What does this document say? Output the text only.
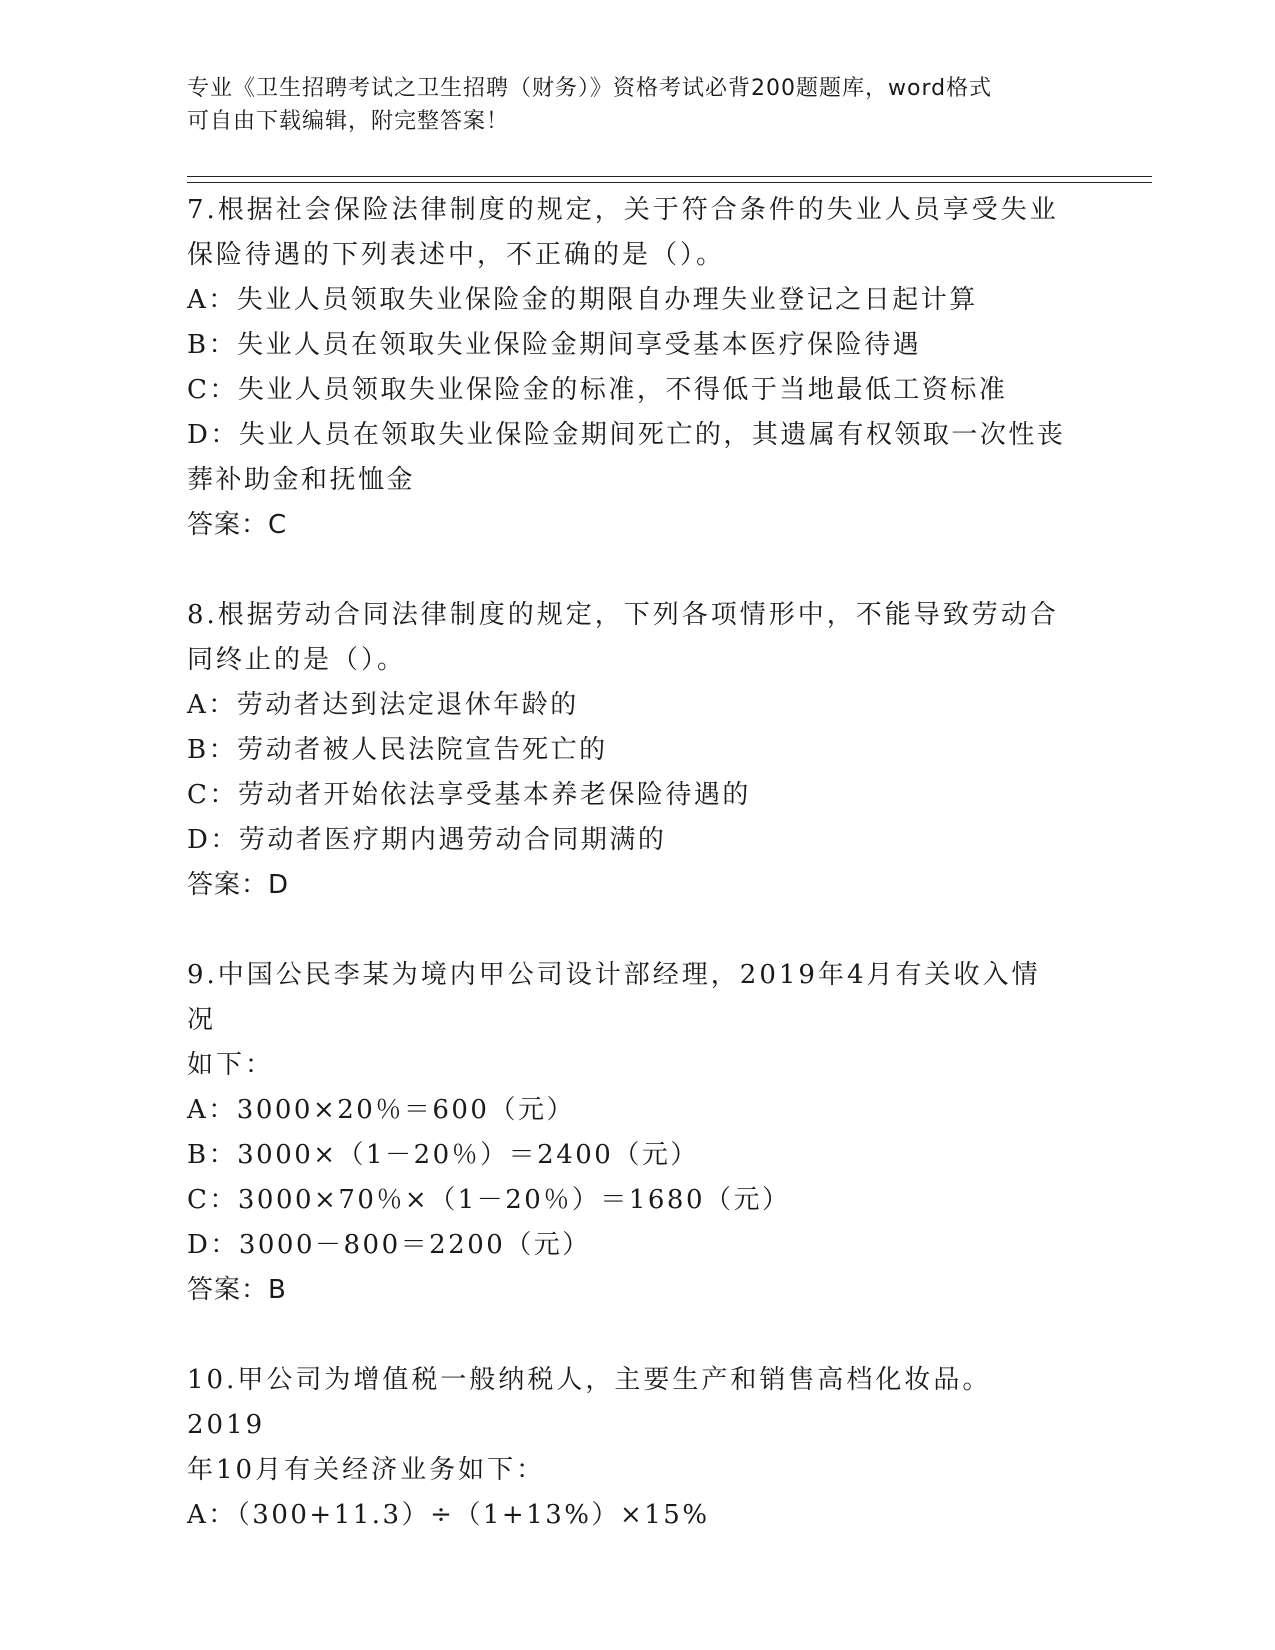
专业《卫生招聘考试之卫生招聘（财务）》资格考试必背200题题库，word格式
可自由下载编辑，附完整答案！

7.根据社会保险法律制度的规定，关于符合条件的失业人员享受失业

保险待遇的下列表述中，不正确的是（）。

A：失业人员领取失业保险金的期限自办理失业登记之日起计算

B：失业人员在领取失业保险金期间享受基本医疗保险待遇

C：失业人员领取失业保险金的标准，不得低于当地最低工资标准

D：失业人员在领取失业保险金期间死亡的，其遗属有权领取一次性丧

葬补助金和抚恤金

答案：C

8.根据劳动合同法律制度的规定，下列各项情形中，不能导致劳动合

同终止的是（）。

A：劳动者达到法定退休年龄的

B：劳动者被人民法院宣告死亡的

C：劳动者开始依法享受基本养老保险待遇的

D：劳动者医疗期内遇劳动合同期满的

答案：D

9.中国公民李某为境内甲公司设计部经理，2019年4月有关收入情况

如下：

A：3000×20％＝600（元）

B：3000×（1－20％）＝2400（元）

C：3000×70％×（1－20％）＝1680（元）

D：3000－800＝2200（元）

答案：B

10.甲公司为增值税一般纳税人，主要生产和销售高档化妆品。2019

年10月有关经济业务如下：

A：（300+11.3）÷（1+13%）×15%
